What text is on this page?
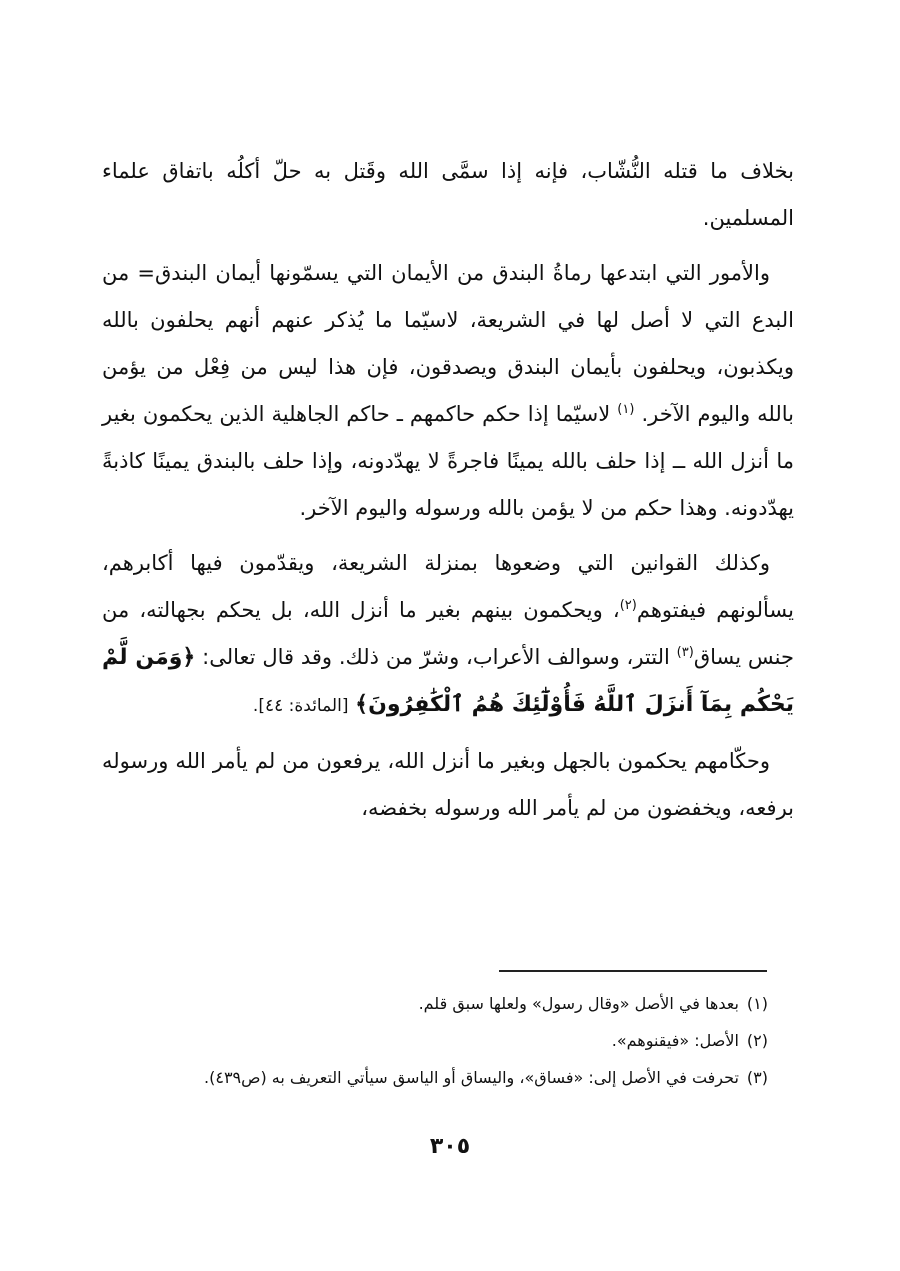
بخلاف ما قتله النُّشّاب، فإنه إذا سمَّى الله وقَتل به حلّ أكلُه باتفاق علماء المسلمين.

والأمور التي ابتدعها رماةُ البندق من الأيمان التي يسمّونها أيمان البندق= من البدع التي لا أصل لها في الشريعة، لاسيّما ما يُذكر عنهم أنهم يحلفون بالله ويكذبون، ويحلفون بأيمان البندق ويصدقون، فإن هذا ليس من فِعْل من يؤمن بالله واليوم الآخر. $^{(١)}$ لاسيّما إذا حكم حاكمهم ـ حاكم الجاهلية الذين يحكمون بغير ما أنزل الله ــ إذا حلف بالله يمينًا فاجرةً لا يهدّدونه، وإذا حلف بالبندق يمينًا كاذبةً يهدّدونه. وهذا حكم من لا يؤمن بالله ورسوله واليوم الآخر.

وكذلك القوانين التي وضعوها بمنزلة الشريعة، ويقدّمون فيها أكابرهم، يسألونهم فيفتوهم$^{(٢)}$، ويحكمون بينهم بغير ما أنزل الله، بل يحكم بجهالته، من جنس يساق$^{(٣)}$ التتر، وسوالف الأعراب، وشرّ من ذلك. وقد قال تعالى: ﴿وَمَن لَّمْ يَحْكُم بِمَآ أَنزَلَ ٱللَّهُ فَأُوْلَٰٓئِكَ هُمُ ٱلْكَٰفِرُونَ﴾ [المائدة: ٤٤].

وحكّامهم يحكمون بالجهل وبغير ما أنزل الله، يرفعون من لم يأمر الله ورسوله برفعه، ويخفضون من لم يأمر الله ورسوله بخفضه،

(١)بعدها في الأصل «وقال رسول» ولعلها سبق قلم.
(٢)الأصل: «فيقنوهم».
(٣)تحرفت في الأصل إلى: «فساق»، واليساق أو الياسق سيأتي التعريف به (ص٤٣٩).
٣٠٥
